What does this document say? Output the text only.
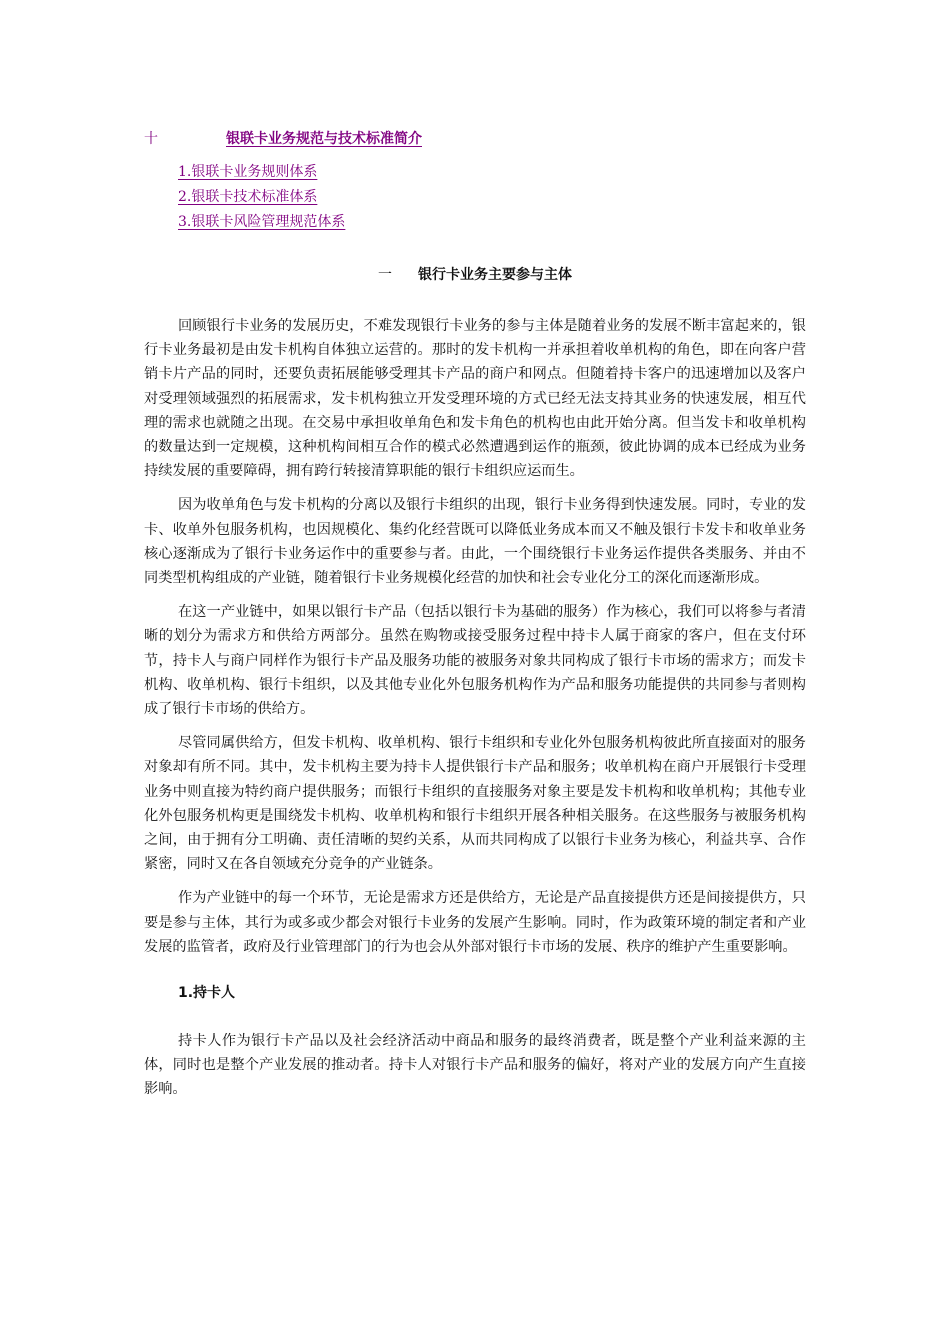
十	银联卡业务规范与技术标准简介
1.银联卡业务规则体系
2.银联卡技术标准体系
3.银联卡风险管理规范体系
一 银行卡业务主要参与主体

回顾银行卡业务的发展历史，不难发现银行卡业务的参与主体是随着业务的发展不断丰富起来的，银行卡业务最初是由发卡机构自体独立运营的。那时的发卡机构一并承担着收单机构的角色，即在向客户营销卡片产品的同时，还要负责拓展能够受理其卡产品的商户和网点。但随着持卡客户的迅速增加以及客户对受理领域强烈的拓展需求，发卡机构独立开发受理环境的方式已经无法支持其业务的快速发展，相互代理的需求也就随之出现。在交易中承担收单角色和发卡角色的机构也由此开始分离。但当发卡和收单机构的数量达到一定规模，这种机构间相互合作的模式必然遭遇到运作的瓶颈，彼此协调的成本已经成为业务持续发展的重要障碍，拥有跨行转接清算职能的银行卡组织应运而生。

因为收单角色与发卡机构的分离以及银行卡组织的出现，银行卡业务得到快速发展。同时，专业的发卡、收单外包服务机构，也因规模化、集约化经营既可以降低业务成本而又不触及银行卡发卡和收单业务核心逐渐成为了银行卡业务运作中的重要参与者。由此，一个围绕银行卡业务运作提供各类服务、并由不同类型机构组成的产业链，随着银行卡业务规模化经营的加快和社会专业化分工的深化而逐渐形成。

在这一产业链中，如果以银行卡产品（包括以银行卡为基础的服务）作为核心，我们可以将参与者清晰的划分为需求方和供给方两部分。虽然在购物或接受服务过程中持卡人属于商家的客户，但在支付环节，持卡人与商户同样作为银行卡产品及服务功能的被服务对象共同构成了银行卡市场的需求方；而发卡机构、收单机构、银行卡组织，以及其他专业化外包服务机构作为产品和服务功能提供的共同参与者则构成了银行卡市场的供给方。

尽管同属供给方，但发卡机构、收单机构、银行卡组织和专业化外包服务机构彼此所直接面对的服务对象却有所不同。其中，发卡机构主要为持卡人提供银行卡产品和服务；收单机构在商户开展银行卡受理业务中则直接为特约商户提供服务；而银行卡组织的直接服务对象主要是发卡机构和收单机构；其他专业化外包服务机构更是围绕发卡机构、收单机构和银行卡组织开展各种相关服务。在这些服务与被服务机构之间，由于拥有分工明确、责任清晰的契约关系，从而共同构成了以银行卡业务为核心，利益共享、合作紧密，同时又在各自领域充分竞争的产业链条。

作为产业链中的每一个环节，无论是需求方还是供给方，无论是产品直接提供方还是间接提供方，只要是参与主体，其行为或多或少都会对银行卡业务的发展产生影响。同时，作为政策环境的制定者和产业发展的监管者，政府及行业管理部门的行为也会从外部对银行卡市场的发展、秩序的维护产生重要影响。

1.持卡人

持卡人作为银行卡产品以及社会经济活动中商品和服务的最终消费者，既是整个产业利益来源的主体，同时也是整个产业发展的推动者。持卡人对银行卡产品和服务的偏好，将对产业的发展方向产生直接影响。
